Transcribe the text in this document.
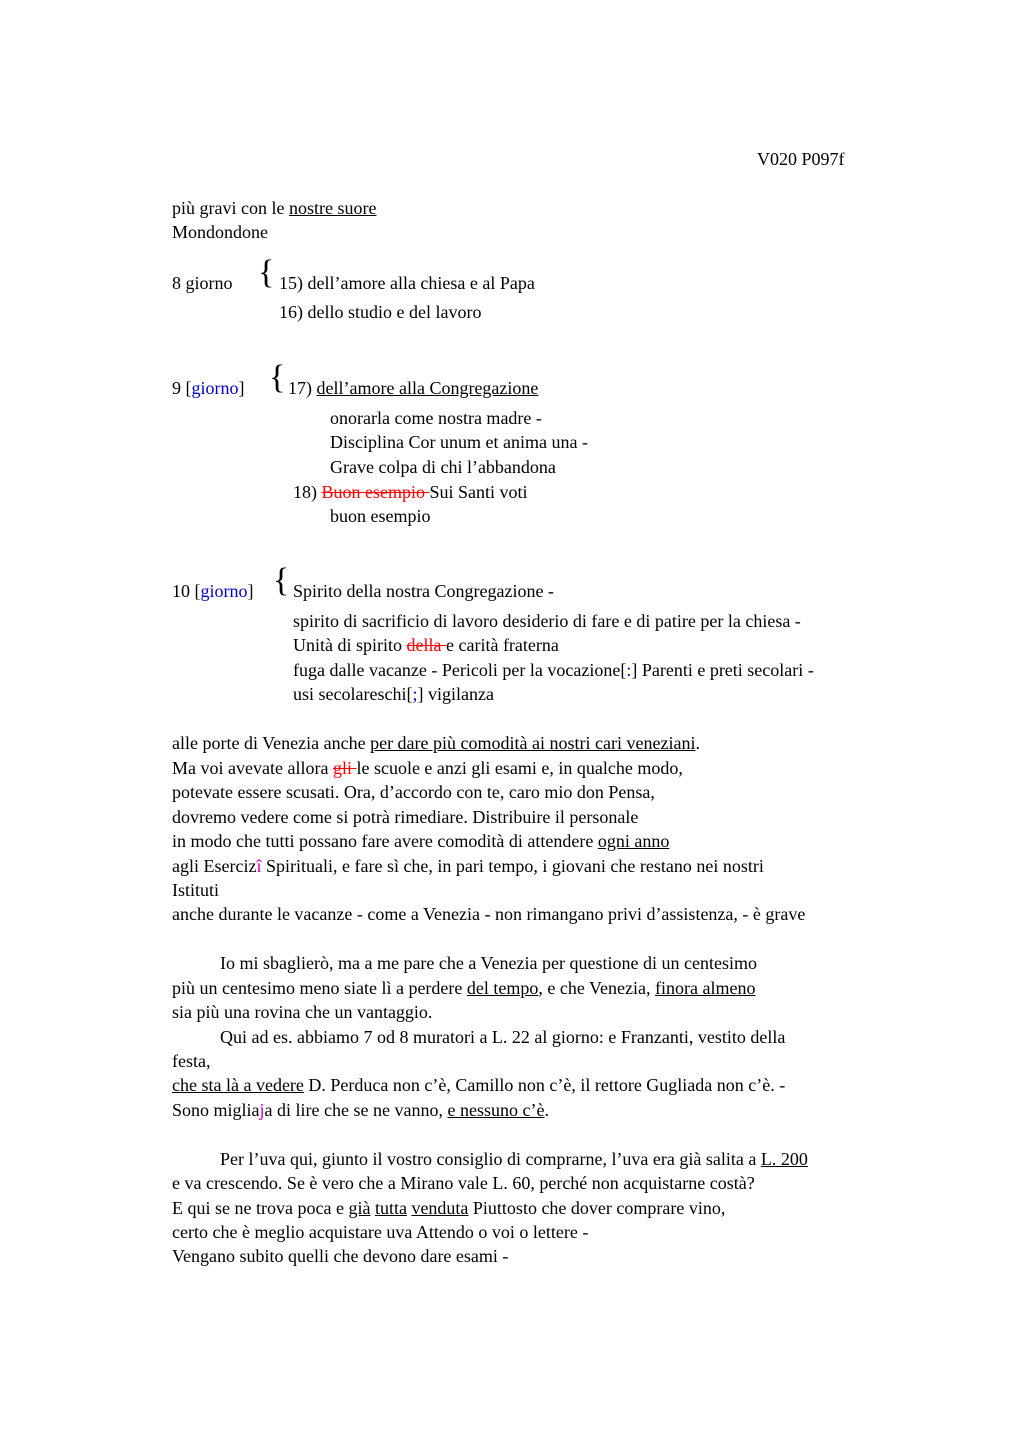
V020 P097f
più gravi con le nostre suore
Mondondone
8 giorno { 15) dell’amore alla chiesa e al Papa
16) dello studio e del lavoro
9 [giorno] { 17) dell’amore alla Congregazione
onorarla come nostra madre -
Disciplina Cor unum et anima una -
Grave colpa di chi l’abbandona
18) Buon esempio Sui Santi voti
buon esempio
10 [giorno] { Spirito della nostra Congregazione -
spirito di sacrificio di lavoro desiderio di fare e di patire per la chiesa -
Unità di spirito della e carità fraterna
fuga dalle vacanze - Pericoli per la vocazione[:] Parenti e preti secolari -
usi secolareschi[;] vigilanza
alle porte di Venezia anche per dare più comodità ai nostri cari veneziani.
Ma voi avevate allora gli le scuole e anzi gli esami e, in qualche modo,
potevate essere scusati. Ora, d’accordo con te, caro mio don Pensa,
dovremo vedere come si potrà rimediare. Distribuire il personale
in modo che tutti possano fare avere comodità di attendere ogni anno
agli Esercizî Spirituali, e fare sì che, in pari tempo, i giovani che restano nei nostri
Istituti
anche durante le vacanze - come a Venezia - non rimangano privi d’assistenza, - è grave
Io mi sbaglierò, ma a me pare che a Venezia per questione di un centesimo
più un centesimo meno siate lì a perdere del tempo, e che Venezia, finora almeno
sia più una rovina che un vantaggio.
Qui ad es. abbiamo 7 od 8 muratori a L. 22 al giorno: e Franzanti, vestito della
festa,
che sta là a vedere D. Perduca non c’è, Camillo non c’è, il rettore Gugliada non c’è. -
Sono migliaja di lire che se ne vanno, e nessuno c’è.
Per l’uva qui, giunto il vostro consiglio di comprarne, l’uva era già salita a L. 200
e va crescendo. Se è vero che a Mirano vale L. 60, perché non acquistarne costà?
E qui se ne trova poca e già tutta venduta Piuttosto che dover comprare vino,
certo che è meglio acquistare uva Attendo o voi o lettere -
Vengano subito quelli che devono dare esami -
